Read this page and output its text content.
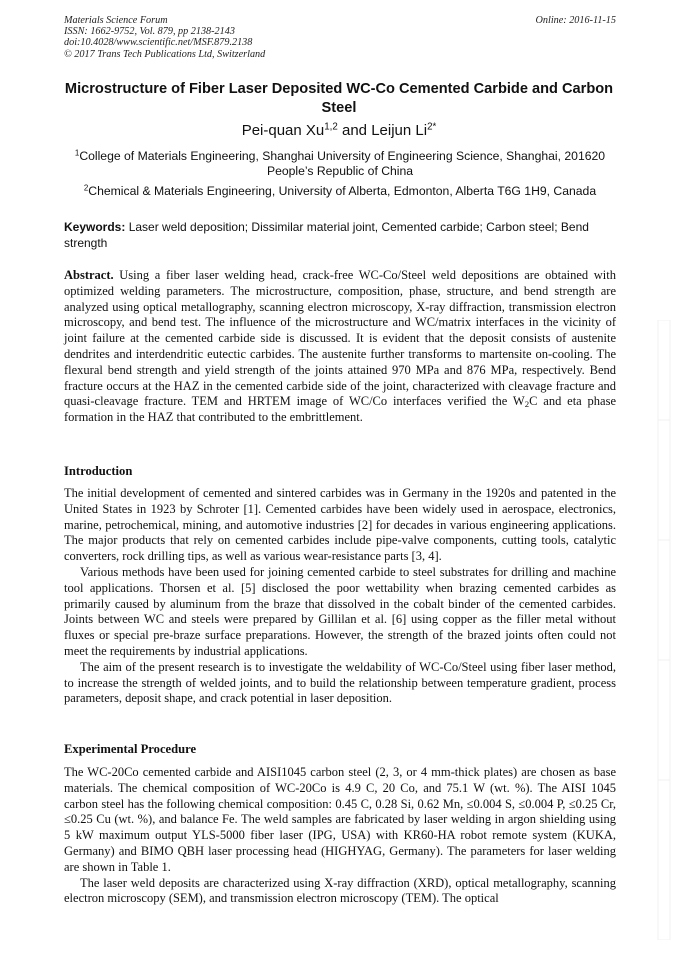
Materials Science Forum
ISSN: 1662-9752, Vol. 879, pp 2138-2143
doi:10.4028/www.scientific.net/MSF.879.2138
© 2017 Trans Tech Publications Ltd, Switzerland
Online: 2016-11-15
Microstructure of Fiber Laser Deposited WC-Co Cemented Carbide and Carbon Steel
Pei-quan Xu$^{1,2}$ and Leijun $Li^{2*}$
$^1$College of Materials Engineering, Shanghai University of Engineering Science, Shanghai, 201620 People’s Republic of China
$^2$Chemical & Materials Engineering, University of Alberta, Edmonton, Alberta T6G 1H9, Canada
Keywords: Laser weld deposition; Dissimilar material joint, Cemented carbide; Carbon steel; Bend strength
Abstract. Using a fiber laser welding head, crack-free WC-Co/Steel weld depositions are obtained with optimized welding parameters. The microstructure, composition, phase, structure, and bend strength are analyzed using optical metallography, scanning electron microscopy, X-ray diffraction, transmission electron microscopy, and bend test. The influence of the microstructure and WC/matrix interfaces in the vicinity of joint failure at the cemented carbide side is discussed. It is evident that the deposit consists of austenite dendrites and interdendritic eutectic carbides. The austenite further transforms to martensite on-cooling. The flexural bend strength and yield strength of the joints attained 970 MPa and 876 MPa, respectively. Bend fracture occurs at the HAZ in the cemented carbide side of the joint, characterized with cleavage fracture and quasi-cleavage fracture. TEM and HRTEM image of WC/Co interfaces verified the $W_2C$ and eta phase formation in the HAZ that contributed to the embrittlement.
Introduction

The initial development of cemented and sintered carbides was in Germany in the 1920s and patented in the United States in 1923 by Schroter [1]. Cemented carbides have been widely used in aerospace, electronics, marine, petrochemical, mining, and automotive industries [2] for decades in various engineering applications. The major products that rely on cemented carbides include pipe-valve components, cutting tools, catalytic converters, rock drilling tips, as well as various wear-resistance parts [3, 4].

Various methods have been used for joining cemented carbide to steel substrates for drilling and machine tool applications. Thorsen et al. [5] disclosed the poor wettability when brazing cemented carbides as primarily caused by aluminum from the braze that dissolved in the cobalt binder of the cemented carbides. Joints between WC and steels were prepared by Gillilan et al. [6] using copper as the filler metal without fluxes or special pre-braze surface preparations. However, the strength of the brazed joints often could not meet the requirements by industrial applications.

The aim of the present research is to investigate the weldability of WC-Co/Steel using fiber laser method, to increase the strength of welded joints, and to build the relationship between temperature gradient, process parameters, deposit shape, and crack potential in laser deposition.

Experimental Procedure

The WC-20Co cemented carbide and AISI1045 carbon steel (2, 3, or 4 mm-thick plates) are chosen as base materials. The chemical composition of WC-20Co is 4.9 C, 20 Co, and 75.1 W (wt. %). The AISI 1045 carbon steel has the following chemical composition: 0.45 C, 0.28 Si, 0.62 Mn, ≤0.004 S, ≤0.004 P, ≤0.25 Cr, ≤0.25 Cu (wt. %), and balance Fe. The weld samples are fabricated by laser welding in argon shielding using 5 kW maximum output YLS-5000 fiber laser (IPG, USA) with KR60-HA robot remote system (KUKA, Germany) and BIMO QBH laser processing head (HIGHYAG, Germany). The parameters for laser welding are shown in Table 1.

The laser weld deposits are characterized using X-ray diffraction (XRD), optical metallography, scanning electron microscopy (SEM), and transmission electron microscopy (TEM). The optical
